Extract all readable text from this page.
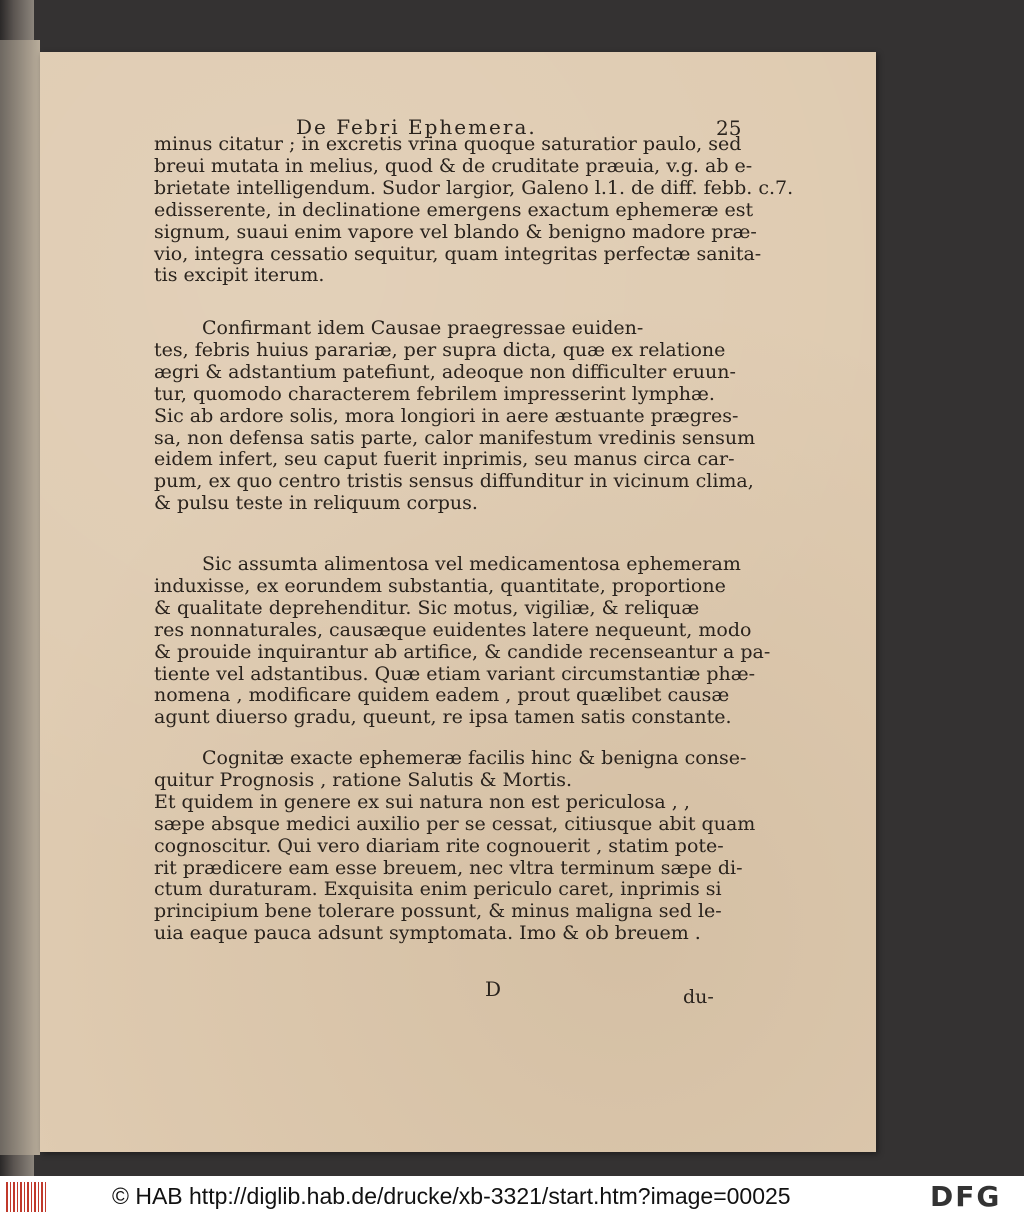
De Febri Ephemera.	25
minus citatur ; in excretis vrina quoque saturatior paulo, sed
breui mutata in melius, quod & de cruditate præuia, v.g. ab e-
brietate intelligendum. Sudor largior, Galeno l.1. de diff. febb. c.7.
edisserente, in declinatione emergens exactum ephemeræ est
signum, suaui enim vapore vel blando & benigno madore præ-
vio, integra cessatio sequitur, quam integritas perfectæ sanita-
tis excipit iterum.
Confirmant idem Causae praegressae euiden-
tes, febris huius parariæ, per supra dicta, quæ ex relatione
ægri & adstantium patefiunt, adeoque non difficulter eruun-
tur, quomodo characterem febrilem impresserint lymphæ.
Sic ab ardore solis, mora longiori in aere æstuante prægres-
sa, non defensa satis parte, calor manifestum vredinis sensum
eidem infert, seu caput fuerit inprimis, seu manus circa car-
pum, ex quo centro tristis sensus diffunditur in vicinum clima,
& pulsu teste in reliquum corpus.
Sic assumta alimentosa vel medicamentosa ephemeram
induxisse, ex eorundem substantia, quantitate, proportione
& qualitate deprehenditur. Sic motus, vigiliæ, & reliquæ
res nonnaturales, causæque euidentes latere nequeunt, modo
& prouide inquirantur ab artifice, & candide recenseantur a pa-
tiente vel adstantibus. Quæ etiam variant circumstantiæ phæ-
nomena , modificare quidem eadem , prout quælibet causæ
agunt diuerso gradu, queunt, re ipsa tamen satis constante.
Cognitæ exacte ephemeræ facilis hinc & benigna conse-
quitur Prognosis , ratione Salutis & Mortis.
Et quidem in genere ex sui natura non est periculosa , ,
sæpe absque medici auxilio per se cessat, citiusque abit quam
cognoscitur. Qui vero diariam rite cognouerit , statim pote-
rit prædicere eam esse breuem, nec vltra terminum sæpe di-
ctum duraturam. Exquisita enim periculo caret, inprimis si
principium bene tolerare possunt, & minus maligna sed le-
uia eaque pauca adsunt symptomata. Imo & ob breuem .
D	du-
© HAB http://diglib.hab.de/drucke/xb-3321/start.htm?image=00025	DFG
